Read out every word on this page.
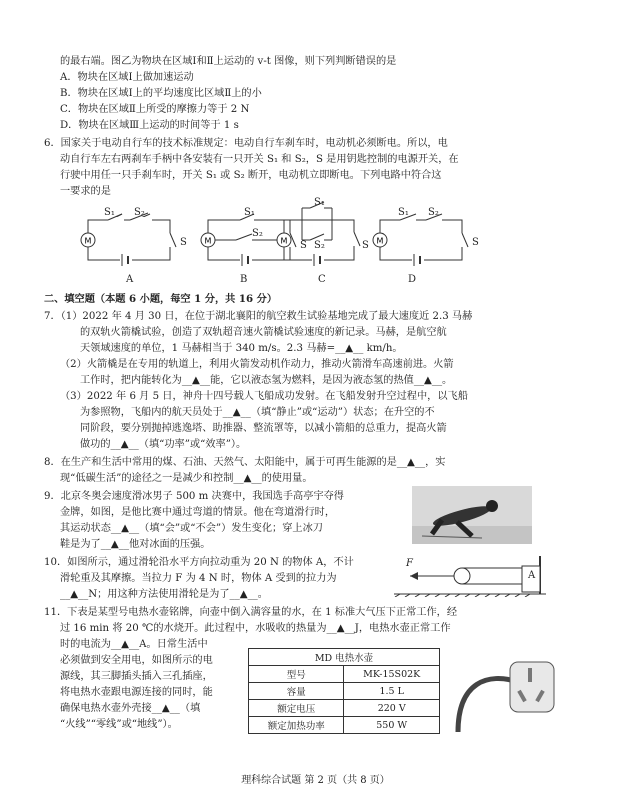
的最右端。图乙为物块在区域Ⅰ和Ⅱ上运动的 v-t 图像，则下列判断错误的是
A．物块在区域Ⅰ上做加速运动
B．物块在区域Ⅰ上的平均速度比区域Ⅱ上的小
C．物块在区域Ⅱ上所受的摩擦力等于 2 N
D．物块在区域Ⅲ上运动的时间等于 1 s
6．国家关于电动自行车的技术标准规定：电动自行车刹车时，电动机必须断电。所以，电
动自行车左右两刹车手柄中各安装有一只开关 S₁ 和 S₂，S 是用钥匙控制的电源开关，在
行驶中用任一只手刹车时，开关 S₁ 或 S₂ 断开，电动机立即断电。下列电路中符合这
一要求的是
M
S₁ S₂
S
A
M
S₁
S₂
S
B
M
S₁
S₂	S
C
M
S₁ S₂
S
D
二、填空题（本题 6 小题，每空 1 分，共 16 分）
7．（1）2022 年 4 月 30 日，在位于湖北襄阳的航空救生试验基地完成了最大速度近 2.3 马赫
的双轨火箭橇试验，创造了双轨超音速火箭橇试验速度的新记录。马赫，是航空航
天领域速度的单位，1 马赫相当于 340 m/s。2.3 马赫=__▲__ km/h。
（2）火箭橇是在专用的轨道上，利用火箭发动机作动力，推动火箭滑车高速前进。火箭
工作时，把内能转化为__▲__能，它以液态氢为燃料，是因为液态氢的热值__▲__。
（3）2022 年 6 月 5 日，神舟十四号载人飞船成功发射。在飞船发射升空过程中，以飞船
为参照物，飞船内的航天员处于__▲__（填“静止”或“运动”）状态；在升空的不
同阶段，要分别抛掉逃逸塔、助推器、整流罩等，以减小箭船的总重力，提高火箭
做功的__▲__（填“功率”或“效率”）。
8．在生产和生活中常用的煤、石油、天然气、太阳能中，属于可再生能源的是__▲__，实
现“低碳生活”的途径之一是减少和控制__▲__的使用量。
9．北京冬奥会速度滑冰男子 500 m 决赛中，我国选手高亭宇夺得
金牌，如图，是他比赛中通过弯道的情景。他在弯道滑行时，
其运动状态__▲__（填“会”或“不会”）发生变化；穿上冰刀
鞋是为了__▲__他对冰面的压强。
10．如图所示，通过滑轮沿水平方向拉动重为 20 N 的物体 A，不计
滑轮重及其摩擦。当拉力 F 为 4 N 时，物体 A 受到的拉力为
__▲__N；用这种方法使用滑轮是为了__▲__。
F
A
11．下表是某型号电热水壶铭牌，向壶中倒入满容量的水，在 1 标准大气压下正常工作，经
过 16 min 将 20 ℃的水烧开。此过程中，水吸收的热量为__▲__J，电热水壶正常工作
时的电流为__▲__A。日常生活中
必须做到安全用电，如图所示的电
源线，其三脚插头插入三孔插座，
将电热水壶跟电源连接的同时，能
确保电热水壶外壳接__▲__（填
“火线”“零线”或“地线”）。
MD 电热水壶	
型号	MK-15S02K
容量	1.5 L
额定电压	220 V
额定加热功率	550 W
理科综合试题 第 2 页（共 8 页）
